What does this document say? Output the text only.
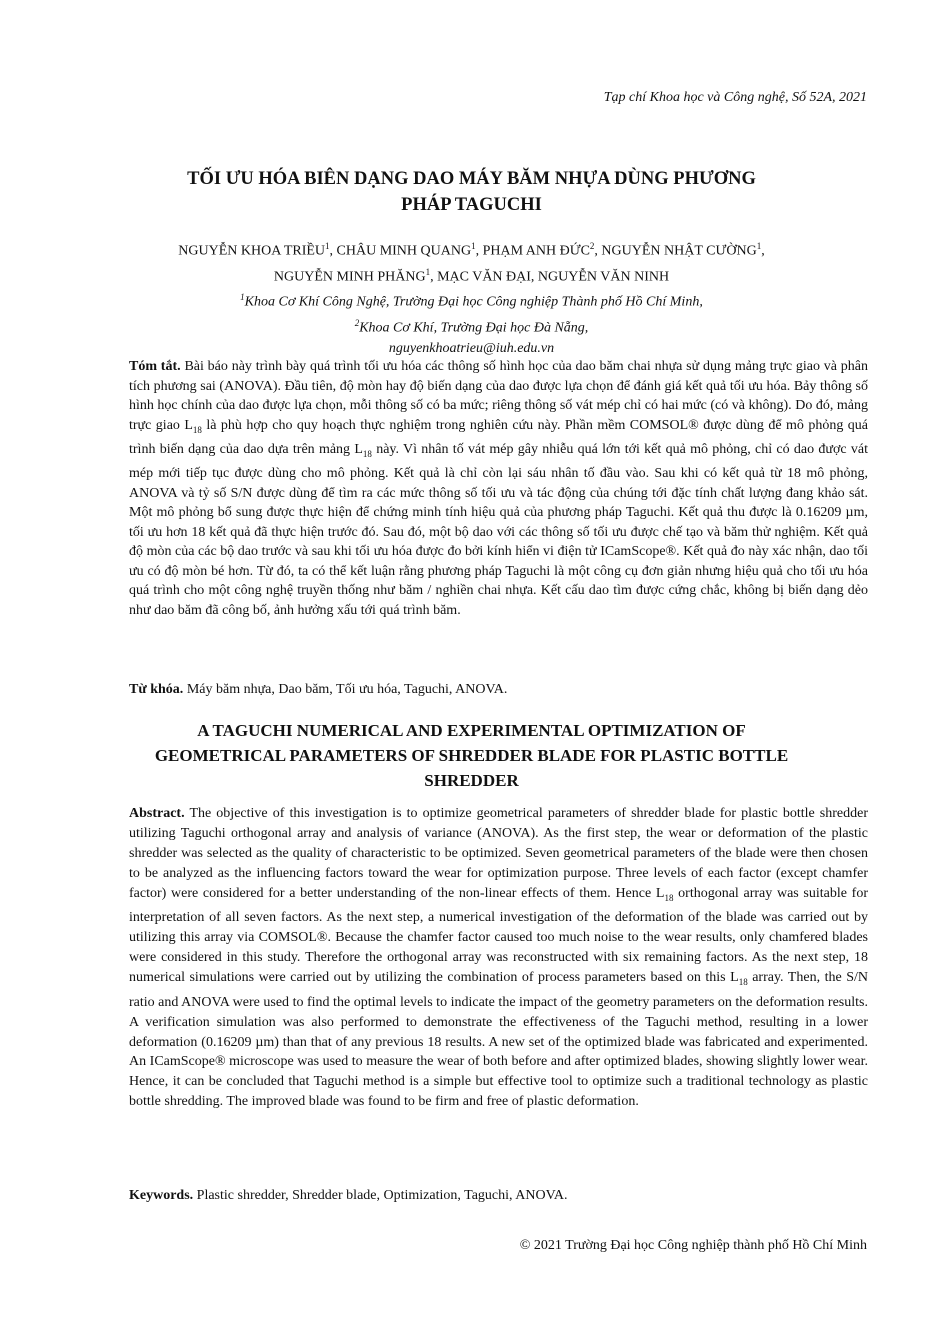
Tạp chí Khoa học và Công nghệ, Số 52A, 2021
TỐI ƯU HÓA BIÊN DẠNG DAO MÁY BĂM NHỰA DÙNG PHƯƠNG
PHÁP TAGUCHI
NGUYỄN KHOA TRIỀU$^1$, CHÂU MINH QUANG$^1$, PHẠM ANH ĐỨC$^2$, NGUYỄN NHẬT CƯỜNG$^1$,
NGUYỄN MINH PHĂNG$^1$, MẠC VĂN ĐẠI, NGUYỄN VĂN NINH
$^1$Khoa Cơ Khí Công Nghệ, Trường Đại học Công nghiệp Thành phố Hồ Chí Minh,
$^2$Khoa Cơ Khí, Trường Đại học Đà Nẵng,
nguyenkhoatrieu@iuh.edu.vn

Tóm tắt. Bài báo này trình bày quá trình tối ưu hóa các thông số hình học của dao băm chai nhựa sử dụng mảng trực giao và phân tích phương sai (ANOVA). Đầu tiên, độ mòn hay độ biến dạng của dao được lựa chọn để đánh giá kết quả tối ưu hóa. Bảy thông số hình học chính của dao được lựa chọn, mỗi thông số có ba mức; riêng thông số vát mép chỉ có hai mức (có và không). Do đó, mảng trực giao $L_{18}$ là phù hợp cho quy hoạch thực nghiệm trong nghiên cứu này. Phần mềm COMSOL® được dùng để mô phỏng quá trình biến dạng của dao dựa trên mảng $L_{18}$ này. Vì nhân tố vát mép gây nhiễu quá lớn tới kết quả mô phỏng, chỉ có dao được vát mép mới tiếp tục được dùng cho mô phỏng. Kết quả là chỉ còn lại sáu nhân tố đầu vào. Sau khi có kết quả từ 18 mô phỏng, ANOVA và tỷ số S/N được dùng để tìm ra các mức thông số tối ưu và tác động của chúng tới đặc tính chất lượng đang khảo sát. Một mô phỏng bổ sung được thực hiện để chứng minh tính hiệu quả của phương pháp Taguchi. Kết quả thu được là 0.16209 µm, tối ưu hơn 18 kết quả đã thực hiện trước đó. Sau đó, một bộ dao với các thông số tối ưu được chế tạo và băm thử nghiệm. Kết quả độ mòn của các bộ dao trước và sau khi tối ưu hóa được đo bởi kính hiển vi điện tử ICamScope®. Kết quả đo này xác nhận, dao tối ưu có độ mòn bé hơn. Từ đó, ta có thể kết luận rằng phương pháp Taguchi là một công cụ đơn giản nhưng hiệu quả cho tối ưu hóa quá trình cho một công nghệ truyền thống như băm / nghiền chai nhựa. Kết cấu dao tìm được cứng chắc, không bị biến dạng dẻo như dao băm đã công bố, ảnh hưởng xấu tới quá trình băm.

Từ khóa. Máy băm nhựa, Dao băm, Tối ưu hóa, Taguchi, ANOVA.

A TAGUCHI NUMERICAL AND EXPERIMENTAL OPTIMIZATION OF
GEOMETRICAL PARAMETERS OF SHREDDER BLADE FOR PLASTIC BOTTLE
SHREDDER

Abstract. The objective of this investigation is to optimize geometrical parameters of shredder blade for plastic bottle shredder utilizing Taguchi orthogonal array and analysis of variance (ANOVA). As the first step, the wear or deformation of the plastic shredder was selected as the quality of characteristic to be optimized. Seven geometrical parameters of the blade were then chosen to be analyzed as the influencing factors toward the wear for optimization purpose. Three levels of each factor (except chamfer factor) were considered for a better understanding of the non-linear effects of them. Hence $L_{18}$ orthogonal array was suitable for interpretation of all seven factors. As the next step, a numerical investigation of the deformation of the blade was carried out by utilizing this array via COMSOL®. Because the chamfer factor caused too much noise to the wear results, only chamfered blades were considered in this study. Therefore the orthogonal array was reconstructed with six remaining factors. As the next step, 18 numerical simulations were carried out by utilizing the combination of process parameters based on this $L_{18}$ array. Then, the S/N ratio and ANOVA were used to find the optimal levels to indicate the impact of the geometry parameters on the deformation results. A verification simulation was also performed to demonstrate the effectiveness of the Taguchi method, resulting in a lower deformation (0.16209 µm) than that of any previous 18 results. A new set of the optimized blade was fabricated and experimented. An ICamScope® microscope was used to measure the wear of both before and after optimized blades, showing slightly lower wear. Hence, it can be concluded that Taguchi method is a simple but effective tool to optimize such a traditional technology as plastic bottle shredding. The improved blade was found to be firm and free of plastic deformation.

Keywords. Plastic shredder, Shredder blade, Optimization, Taguchi, ANOVA.

© 2021 Trường Đại học Công nghiệp thành phố Hồ Chí Minh
